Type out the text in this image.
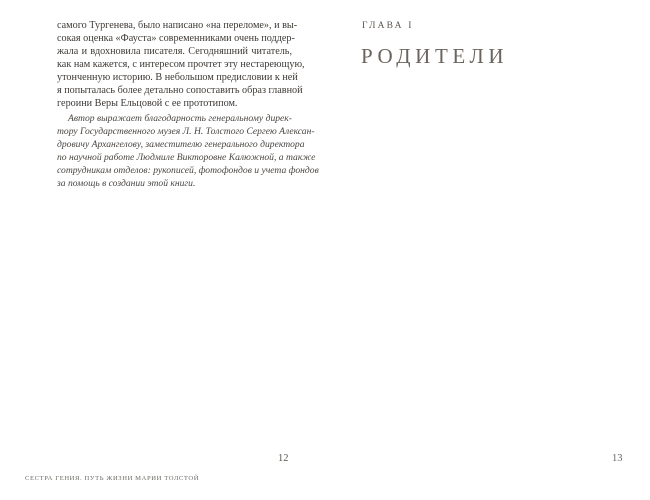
самого Тургенева, было написано «на переломе», и вы-
сокая оценка «Фауста» современниками очень поддер-
жала и вдохновила писателя. Сегодняшний читатель,
как нам кажется, с интересом прочтет эту нестареющую,
утонченную историю. В небольшом предисловии к ней
я попыталась более детально сопоставить образ главной
героини Веры Ельцовой с ее прототипом.
Автор выражает благодарность генеральному дирек-
тору Государственного музея Л. Н. Толстого Сергею Алексан-
дровичу Архангелову, заместителю генерального директора
по научной работе Людмиле Викторовне Калюжной, а также
сотрудникам отделов: рукописей, фотофондов и учета фондов
за помощь в создании этой книги.
12
СЕСТРА ГЕНИЯ. ПУТЬ ЖИЗНИ МАРИИ ТОЛСТОЙ
ГЛАВА I
РОДИТЕЛИ
13
